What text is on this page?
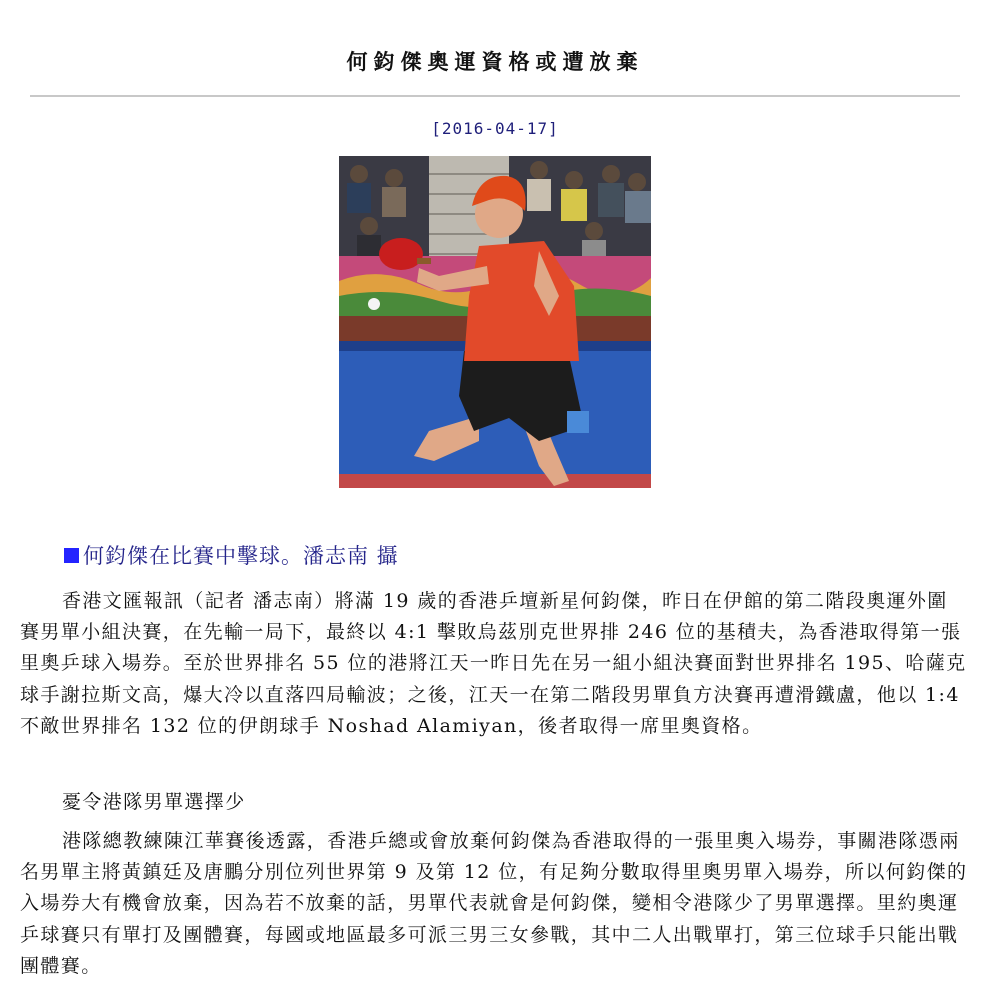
何鈞傑奧運資格或遭放棄
[2016-04-17]
何鈞傑在比賽中擊球。潘志南 攝

香港文匯報訊（記者 潘志南）將滿 19 歲的香港乒壇新星何鈞傑，昨日在伊館的第二階段奧運外圍賽男單小組決賽，在先輸一局下，最終以 4:1 擊敗烏茲別克世界排 246 位的基積夫，為香港取得第一張里奧乒球入場券。至於世界排名 55 位的港將江天一昨日先在另一組小組決賽面對世界排名 195、哈薩克球手謝拉斯文高，爆大冷以直落四局輸波；之後，江天一在第二階段男單負方決賽再遭滑鐵盧，他以 1:4 不敵世界排名 132 位的伊朗球手 Noshad Alamiyan，後者取得一席里奧資格。

憂令港隊男單選擇少

港隊總教練陳江華賽後透露，香港乒總或會放棄何鈞傑為香港取得的一張里奧入場券，事關港隊憑兩名男單主將黃鎮廷及唐鵬分別位列世界第 9 及第 12 位，有足夠分數取得里奧男單入場券，所以何鈞傑的入場券大有機會放棄，因為若不放棄的話，男單代表就會是何鈞傑，變相令港隊少了男單選擇。里約奧運乒球賽只有單打及團體賽，每國或地區最多可派三男三女參戰，其中二人出戰單打，第三位球手只能出戰團體賽。
